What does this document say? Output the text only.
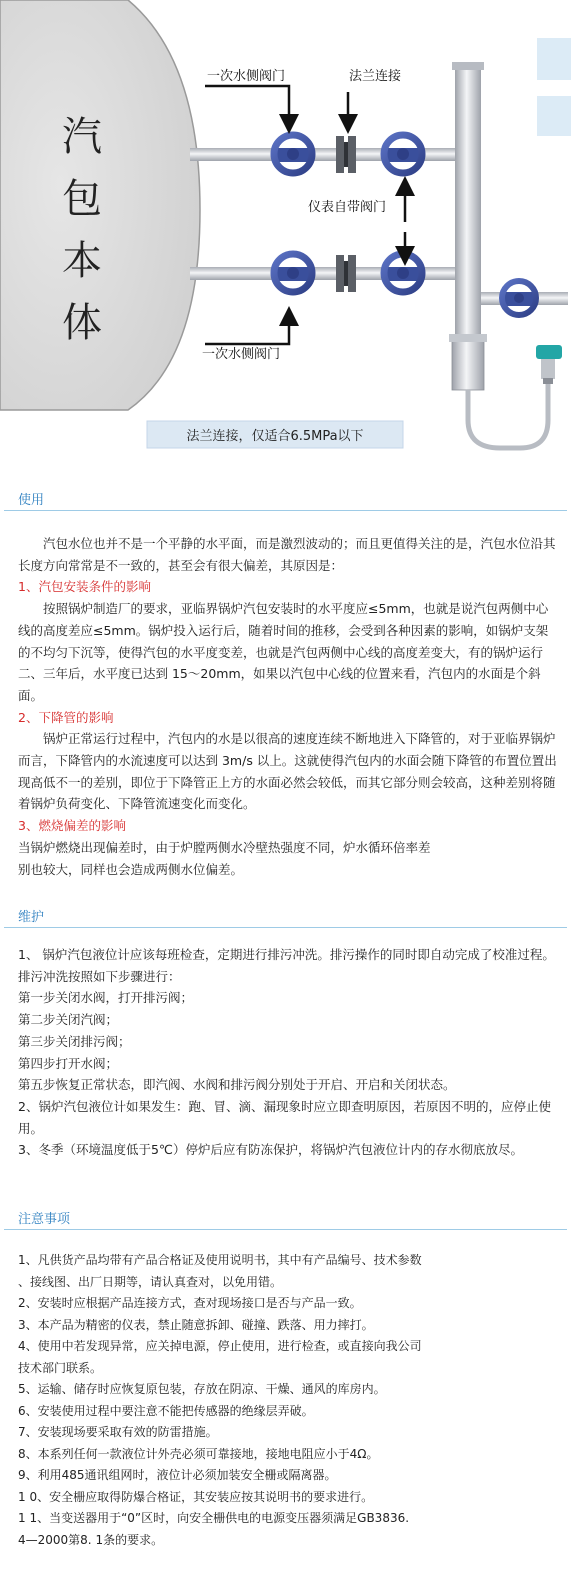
汽
包
本
体
一次水侧阀门	法兰连接
仪表自带阀门
一次水侧阀门
法兰连接，仅适合6.5MPa以下
使用

汽包水位也并不是一个平静的水平面，而是激烈波动的；而且更值得关注的是，汽包水位沿其长度方向常常是不一致的，甚至会有很大偏差，其原因是：

1、汽包安装条件的影响

按照锅炉制造厂的要求，亚临界锅炉汽包安装时的水平度应≤5mm，也就是说汽包两侧中心线的高度差应≤5mm。锅炉投入运行后，随着时间的推移，会受到各种因素的影响，如锅炉支架的不均匀下沉等，使得汽包的水平度变差，也就是汽包两侧中心线的高度差变大，有的锅炉运行二、三年后，水平度已达到 15～20mm，如果以汽包中心线的位置来看，汽包内的水面是个斜面。

2、下降管的影响

锅炉正常运行过程中，汽包内的水是以很高的速度连续不断地进入下降管的，对于亚临界锅炉而言，下降管内的水流速度可以达到 3m/s 以上。这就使得汽包内的水面会随下降管的布置位置出现高低不一的差别，即位于下降管正上方的水面必然会较低，而其它部分则会较高，这种差别将随着锅炉负荷变化、下降管流速变化而变化。

3、燃烧偏差的影响

当锅炉燃烧出现偏差时，由于炉膛两侧水冷壁热强度不同，炉水循环倍率差

别也较大，同样也会造成两侧水位偏差。

维护

1、 锅炉汽包液位计应该每班检查，定期进行排污冲洗。排污操作的同时即自动完成了校准过程。排污冲洗按照如下步骤进行：

第一步关闭水阀，打开排污阀；

第二步关闭汽阀；

第三步关闭排污阀；

第四步打开水阀；

第五步恢复正常状态，即汽阀、水阀和排污阀分别处于开启、开启和关闭状态。

2、锅炉汽包液位计如果发生：跑、冒、滴、漏现象时应立即查明原因，若原因不明的，应停止使用。

3、冬季（环境温度低于5℃）停炉后应有防冻保护，将锅炉汽包液位计内的存水彻底放尽。

注意事项

1、凡供货产品均带有产品合格证及使用说明书，其中有产品编号、技术参数

、接线图、出厂日期等，请认真查对，以免用错。

2、安装时应根据产品连接方式，查对现场接口是否与产品一致。

3、本产品为精密的仪表，禁止随意拆卸、碰撞、跌落、用力摔打。

4、使用中若发现异常，应关掉电源，停止使用，进行检查，或直接向我公司

技术部门联系。

5、运输、储存时应恢复原包装，存放在阴凉、干燥、通风的库房内。

6、安装使用过程中要注意不能把传感器的绝缘层弄破。

7、安装现场要采取有效的防雷措施。

8、本系列任何一款液位计外壳必须可靠接地，接地电阻应小于4Ω。

9、利用485通讯组网时，液位计必须加装安全栅或隔离器。

1 0、安全栅应取得防爆合格证，其安装应按其说明书的要求进行。

1 1、当变送器用于“0”区时，向安全栅供电的电源变压器须满足GB3836.

4—2000第8. 1条的要求。
